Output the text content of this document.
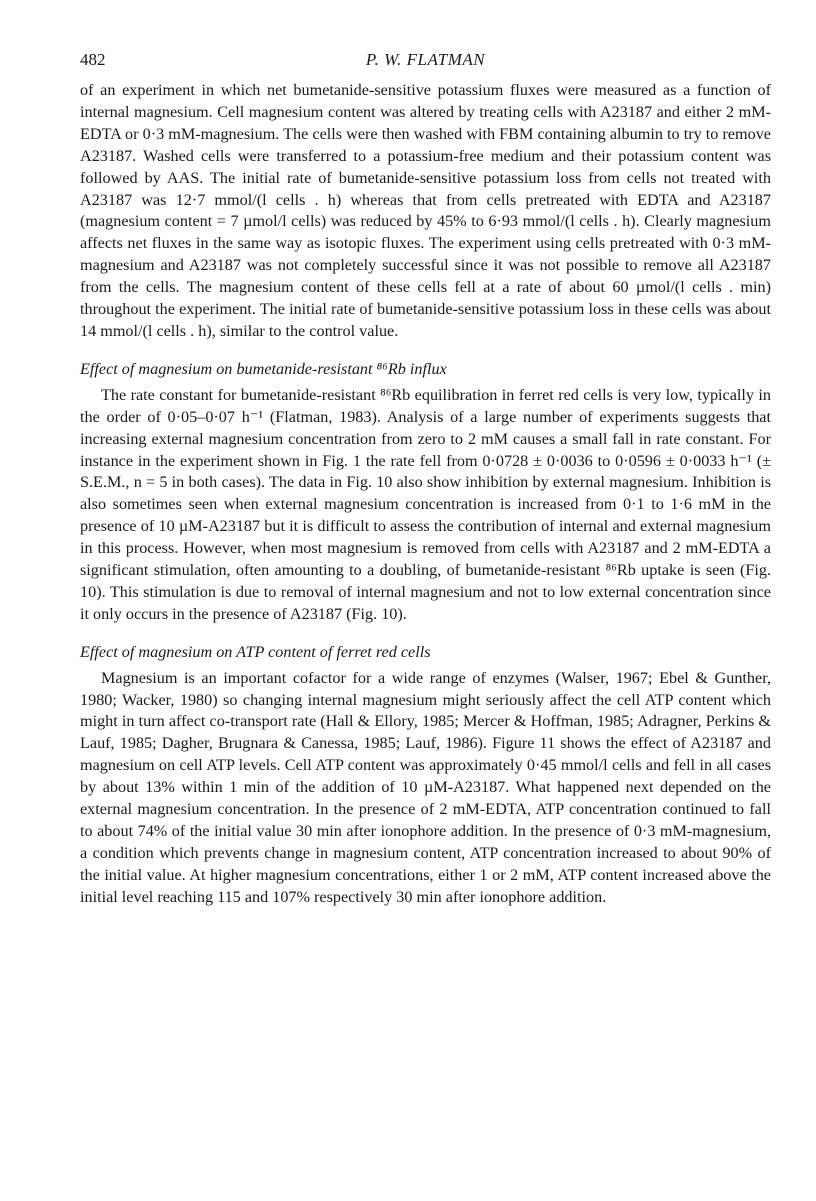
482	P. W. FLATMAN

of an experiment in which net bumetanide-sensitive potassium fluxes were measured as a function of internal magnesium. Cell magnesium content was altered by treating cells with A23187 and either 2 mM-EDTA or 0·3 mM-magnesium. The cells were then washed with FBM containing albumin to try to remove A23187. Washed cells were transferred to a potassium-free medium and their potassium content was followed by AAS. The initial rate of bumetanide-sensitive potassium loss from cells not treated with A23187 was 12·7 mmol/(l cells . h) whereas that from cells pretreated with EDTA and A23187 (magnesium content = 7 µmol/l cells) was reduced by 45% to 6·93 mmol/(l cells . h). Clearly magnesium affects net fluxes in the same way as isotopic fluxes. The experiment using cells pretreated with 0·3 mM-magnesium and A23187 was not completely successful since it was not possible to remove all A23187 from the cells. The magnesium content of these cells fell at a rate of about 60 µmol/(l cells . min) throughout the experiment. The initial rate of bumetanide-sensitive potassium loss in these cells was about 14 mmol/(l cells . h), similar to the control value.

Effect of magnesium on bumetanide-resistant ⁸⁶Rb influx

The rate constant for bumetanide-resistant ⁸⁶Rb equilibration in ferret red cells is very low, typically in the order of 0·05–0·07 h⁻¹ (Flatman, 1983). Analysis of a large number of experiments suggests that increasing external magnesium concentration from zero to 2 mM causes a small fall in rate constant. For instance in the experiment shown in Fig. 1 the rate fell from 0·0728 ± 0·0036 to 0·0596 ± 0·0033 h⁻¹ (± S.E.M., n = 5 in both cases). The data in Fig. 10 also show inhibition by external magnesium. Inhibition is also sometimes seen when external magnesium concentration is increased from 0·1 to 1·6 mM in the presence of 10 µM-A23187 but it is difficult to assess the contribution of internal and external magnesium in this process. However, when most magnesium is removed from cells with A23187 and 2 mM-EDTA a significant stimulation, often amounting to a doubling, of bumetanide-resistant ⁸⁶Rb uptake is seen (Fig. 10). This stimulation is due to removal of internal magnesium and not to low external concentration since it only occurs in the presence of A23187 (Fig. 10).

Effect of magnesium on ATP content of ferret red cells

Magnesium is an important cofactor for a wide range of enzymes (Walser, 1967; Ebel & Gunther, 1980; Wacker, 1980) so changing internal magnesium might seriously affect the cell ATP content which might in turn affect co-transport rate (Hall & Ellory, 1985; Mercer & Hoffman, 1985; Adragner, Perkins & Lauf, 1985; Dagher, Brugnara & Canessa, 1985; Lauf, 1986). Figure 11 shows the effect of A23187 and magnesium on cell ATP levels. Cell ATP content was approximately 0·45 mmol/l cells and fell in all cases by about 13% within 1 min of the addition of 10 µM-A23187. What happened next depended on the external magnesium concentration. In the presence of 2 mM-EDTA, ATP concentration continued to fall to about 74% of the initial value 30 min after ionophore addition. In the presence of 0·3 mM-magnesium, a condition which prevents change in magnesium content, ATP concentration increased to about 90% of the initial value. At higher magnesium concentrations, either 1 or 2 mM, ATP content increased above the initial level reaching 115 and 107% respectively 30 min after ionophore addition.
